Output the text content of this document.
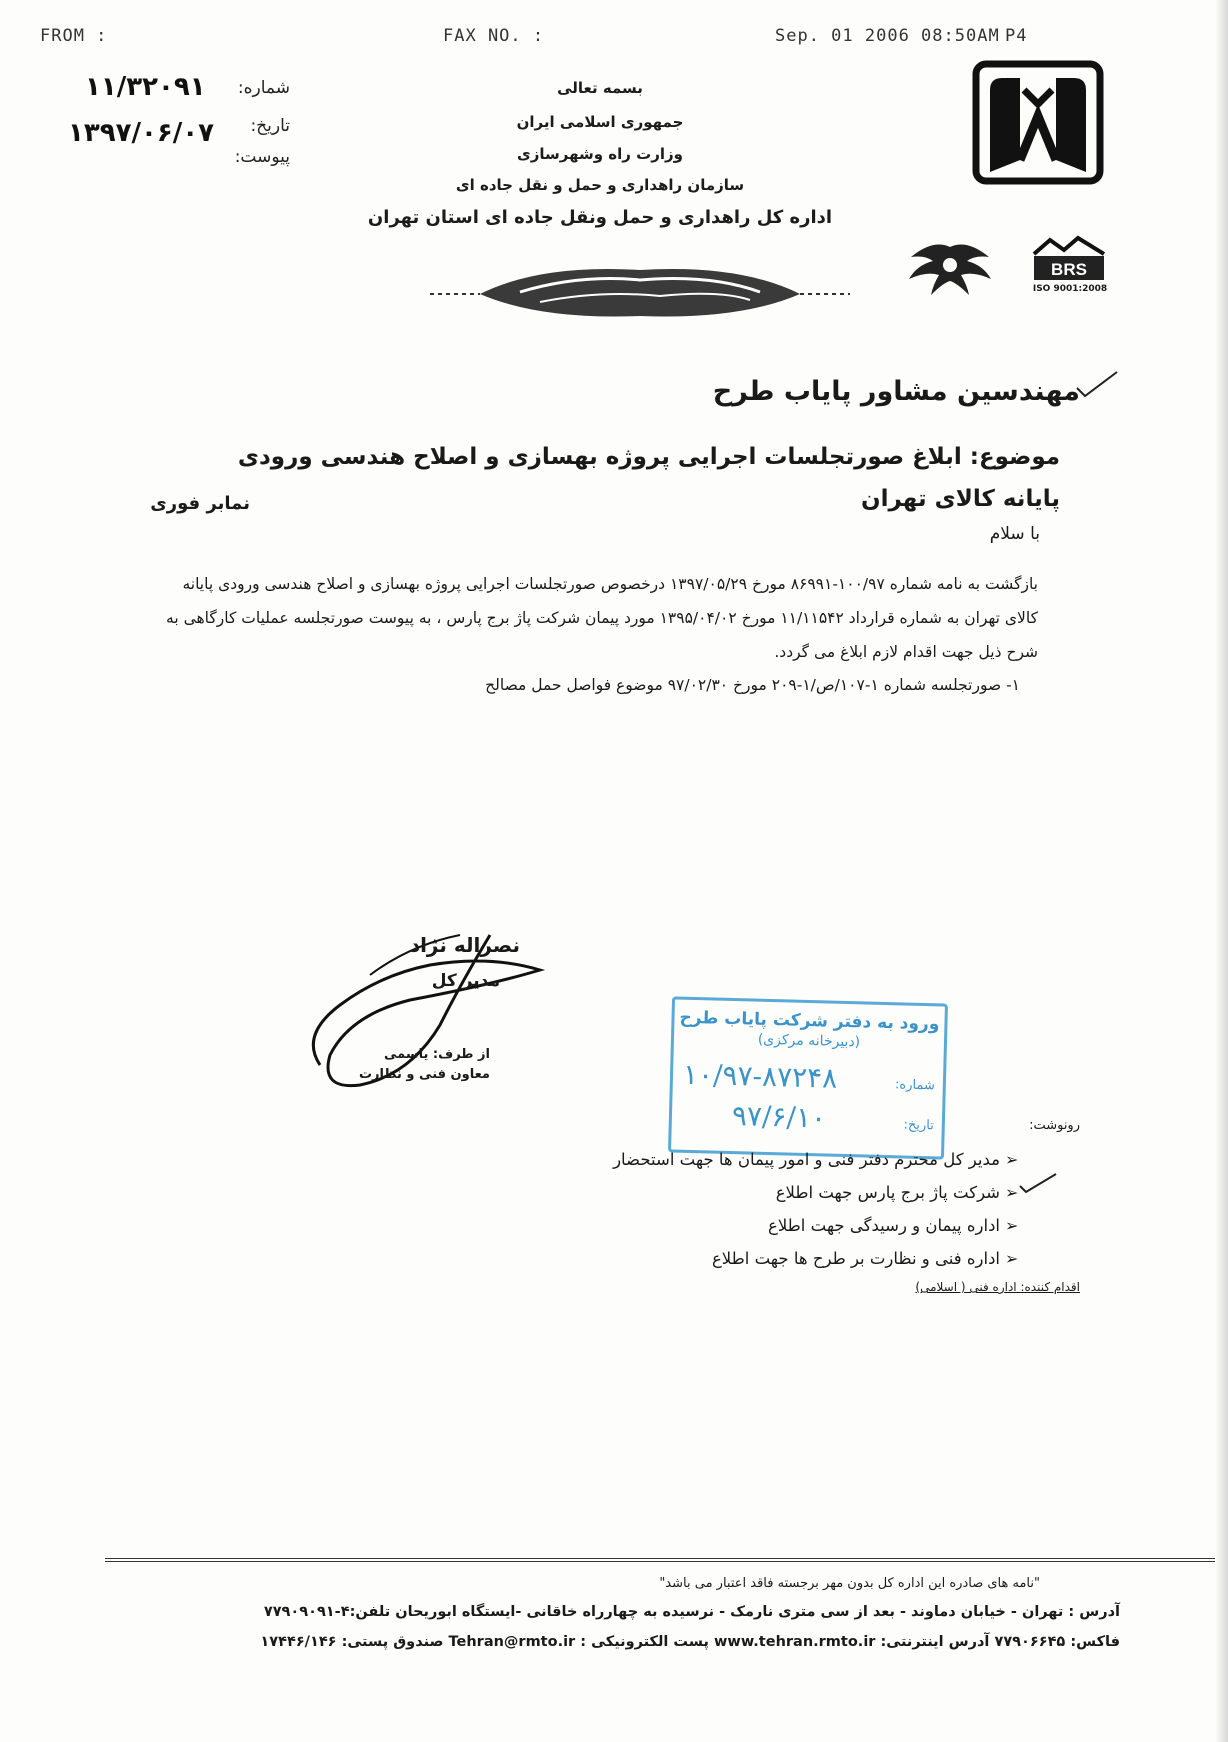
FROM :	FAX NO. :	Sep. 01 2006 08:50AM P4
شماره:
۱۱/۳۲۰۹۱
تاریخ:
۱۳۹۷/۰۶/۰۷
پیوست:
بسمه تعالی
جمهوری اسلامی ایران
وزارت راه وشهرسازی
سازمان راهداری و حمل و نقل جاده ای
اداره کل راهداری و حمل ونقل جاده ای استان تهران
BRS
ISO 9001:2008
مهندسین مشاور پایاب طرح
موضوع: ابلاغ صورتجلسات اجرایی پروژه بهسازی و اصلاح هندسی ورودی پایانه کالای تهران
نمابر فوری
با سلام
بازگشت به نامه شماره ۱۰۰/۹۷-۸۶۹۹۱ مورخ ۱۳۹۷/۰۵/۲۹ درخصوص صورتجلسات اجرایی پروژه بهسازی و اصلاح هندسی ورودی پایانه
کالای تهران به شماره قرارداد ۱۱/۱۱۵۴۲ مورخ ۱۳۹۵/۰۴/۰۲ مورد پیمان شرکت پاژ برج پارس ، به پیوست صورتجلسه عملیات کارگاهی به
شرح ذیل جهت اقدام لازم ابلاغ می گردد.
۱- صورتجلسه شماره ۱-۱۰۷/ص/۱-۲۰۹ مورخ ۹۷/۰۲/۳۰ موضوع فواصل حمل مصالح
نصراله نژاد
مدیر کل
از طرف: یاسمی
معاون فنی و نظارت
ورود به دفتر شرکت پایاب طرح
(دبیرخانه مرکزی)
شماره:
۱۰/۹۷-۸۷۲۴۸
تاریخ:
۹۷/۶/۱۰	رونوشت:
مدیر کل محترم دفتر فنی و امور پیمان ها جهت استحضار ➢
شرکت پاژ برج پارس جهت اطلاع ➢
اداره پیمان و رسیدگی جهت اطلاع ➢
اداره فنی و نظارت بر طرح ها جهت اطلاع ➢
اقدام کننده: اداره فنی ( اسلامی)
"نامه های صادره این اداره کل بدون مهر برجسته فاقد اعتبار می باشد"
آدرس : تهران - خیابان دماوند - بعد از سی متری نارمک - نرسیده به چهارراه خاقانی -ایستگاه ابوریحان تلفن:۴-۷۷۹۰۹۰۹۱
فاکس: ۷۷۹۰۶۶۴۵ آدرس اینترنتی: www.tehran.rmto.ir پست الکترونیکی : Tehran@rmto.ir صندوق پستی: ۱۷۴۴۶/۱۴۶
